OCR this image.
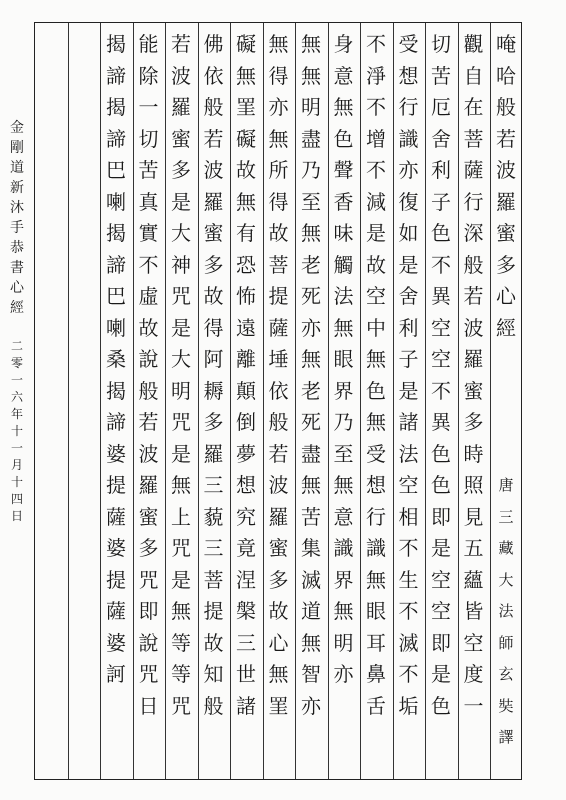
唵
哈
般
若
波
羅
蜜
多
心
經
唐
三
藏
大
法
師
玄
奘
譯
觀
自
在
菩
薩
行
深
般
若
波
羅
蜜
多
時
照
見
五
蘊
皆
空
度
一
切
苦
厄
舍
利
子
色
不
異
空
空
不
異
色
色
即
是
空
空
即
是
色
受
想
行
識
亦
復
如
是
舍
利
子
是
諸
法
空
相
不
生
不
滅
不
垢
不
淨
不
增
不
減
是
故
空
中
無
色
無
受
想
行
識
無
眼
耳
鼻
舌
身
意
無
色
聲
香
味
觸
法
無
眼
界
乃
至
無
意
識
界
無
明
亦
無
無
明
盡
乃
至
無
老
死
亦
無
老
死
盡
無
苦
集
滅
道
無
智
亦
無
得
亦
無
所
得
故
菩
提
薩
埵
依
般
若
波
羅
蜜
多
故
心
無
罣
礙
無
罣
礙
故
無
有
恐
怖
遠
離
顛
倒
夢
想
究
竟
涅
槃
三
世
諸
佛
依
般
若
波
羅
蜜
多
故
得
阿
耨
多
羅
三
藐
三
菩
提
故
知
般
若
波
羅
蜜
多
是
大
神
咒
是
大
明
咒
是
無
上
咒
是
無
等
等
咒
能
除
一
切
苦
真
實
不
虛
故
說
般
若
波
羅
蜜
多
咒
即
說
咒
日
揭
諦
揭
諦
巴
喇
揭
諦
巴
喇
桑
揭
諦
婆
提
薩
婆
提
薩
婆
訶
金
剛
道
新
沐
手
恭
書
心
經
二
零
一
六
年
十
一
月
十
四
日
